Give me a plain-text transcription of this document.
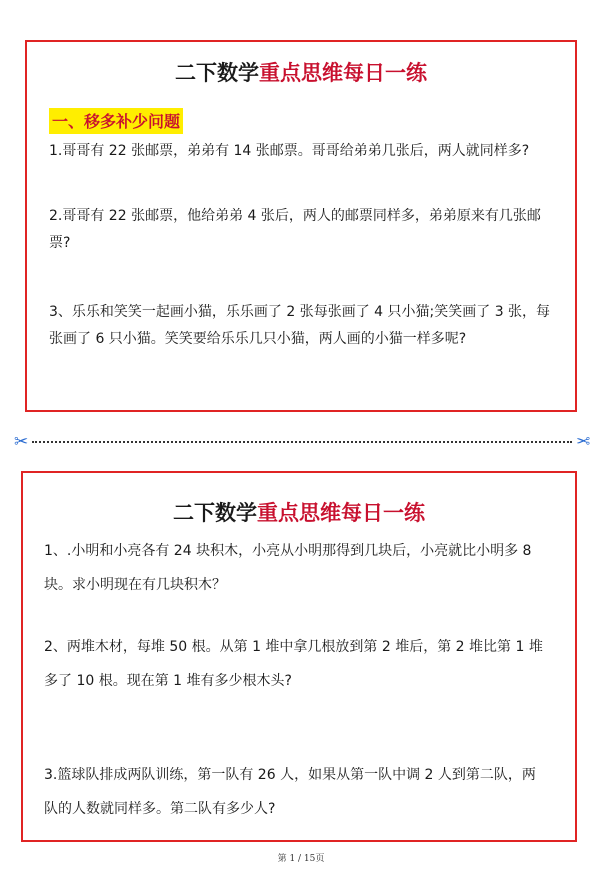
二下数学重点思维每日一练
一、移多补少问题
1.哥哥有 22 张邮票，弟弟有 14 张邮票。哥哥给弟弟几张后，两人就同样多?
2.哥哥有 22 张邮票，他给弟弟 4 张后，两人的邮票同样多，弟弟原来有几张邮
票?
3、乐乐和笑笑一起画小猫，乐乐画了 2 张每张画了 4 只小猫;笑笑画了 3 张，每
张画了 6 只小猫。笑笑要给乐乐几只小猫，两人画的小猫一样多呢?
✂	✂
二下数学重点思维每日一练
1、.小明和小亮各有 24 块积木，小亮从小明那得到几块后，小亮就比小明多 8
块。求小明现在有几块积木？
2、两堆木材，每堆 50 根。从第 1 堆中拿几根放到第 2 堆后，第 2 堆比第 1 堆
多了 10 根。现在第 1 堆有多少根木头?
3.篮球队排成两队训练，第一队有 26 人，如果从第一队中调 2 人到第二队，两
队的人数就同样多。第二队有多少人?
第 1 / 15页
